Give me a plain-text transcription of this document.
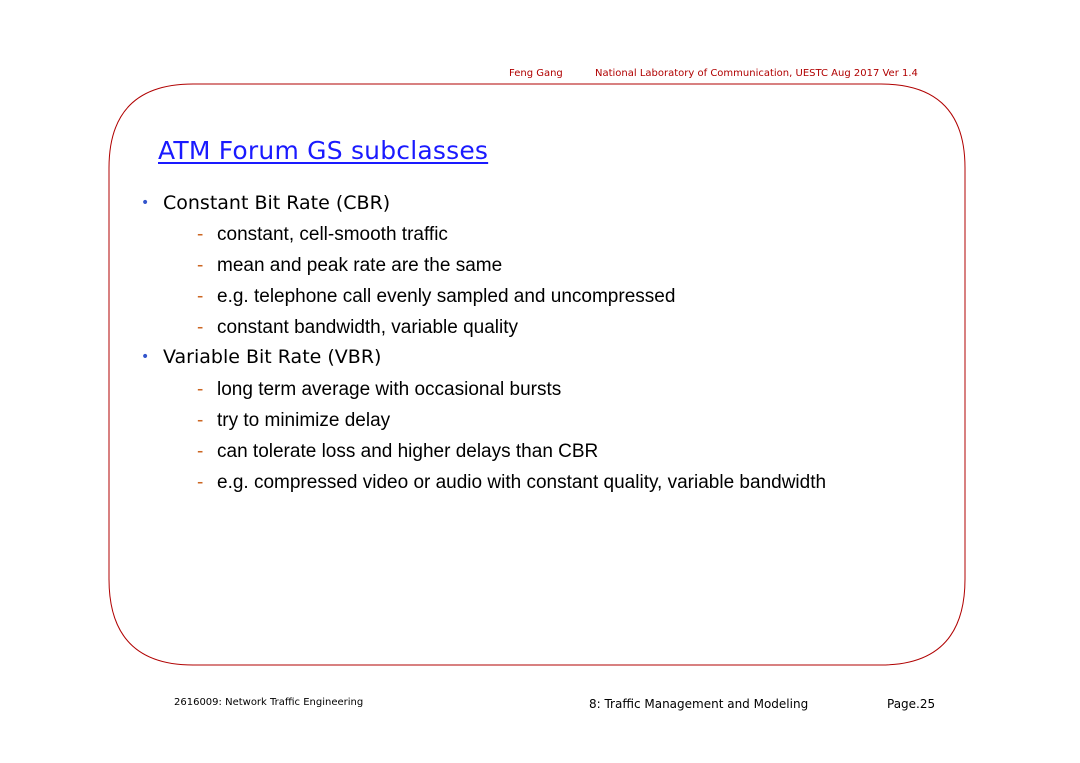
Feng Gang	National Laboratory of Communication, UESTC Aug 2017 Ver 1.4
ATM Forum GS subclasses
• Constant Bit Rate (CBR)
- constant, cell-smooth traffic
- mean and peak rate are the same
- e.g. telephone call evenly sampled and uncompressed
- constant bandwidth, variable quality
• Variable Bit Rate (VBR)
- long term average with occasional bursts
- try to minimize delay
- can tolerate loss and higher delays than CBR
- e.g. compressed video or audio with constant quality, variable bandwidth
2616009: Network Traffic Engineering	8: Traffic Management and Modeling	Page.25
